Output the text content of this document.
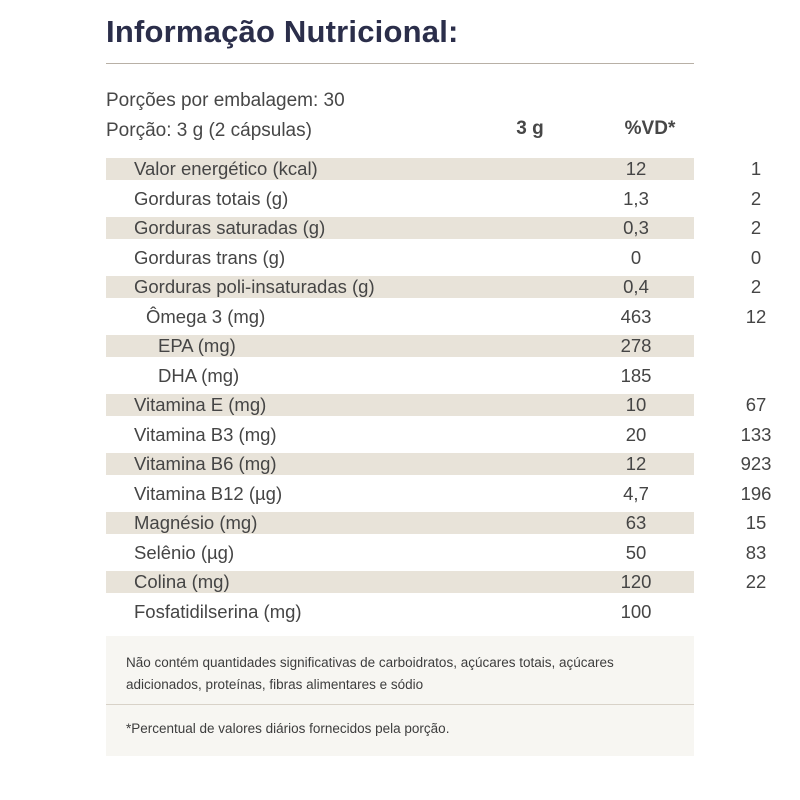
Informação Nutricional:
Porções por embalagem: 30
Porção: 3 g (2 cápsulas)	3 g	%VD*
Valor energético (kcal)	12	1
Gorduras totais (g)	1,3	2
Gorduras saturadas (g)	0,3	2
Gorduras trans (g)	0	0
Gorduras poli-insaturadas (g)	0,4	2
Ômega 3 (mg)	463	12
EPA (mg)	278
DHA (mg)	185
Vitamina E (mg)	10	67
Vitamina B3 (mg)	20	133
Vitamina B6 (mg)	12	923
Vitamina B12 (µg)	4,7	196
Magnésio (mg)	63	15
Selênio (µg)	50	83
Colina (mg)	120	22
Fosfatidilserina (mg)	100
Não contém quantidades significativas de carboidratos, açúcares totais, açúcares adicionados, proteínas, fibras alimentares e sódio
*Percentual de valores diários fornecidos pela porção.
